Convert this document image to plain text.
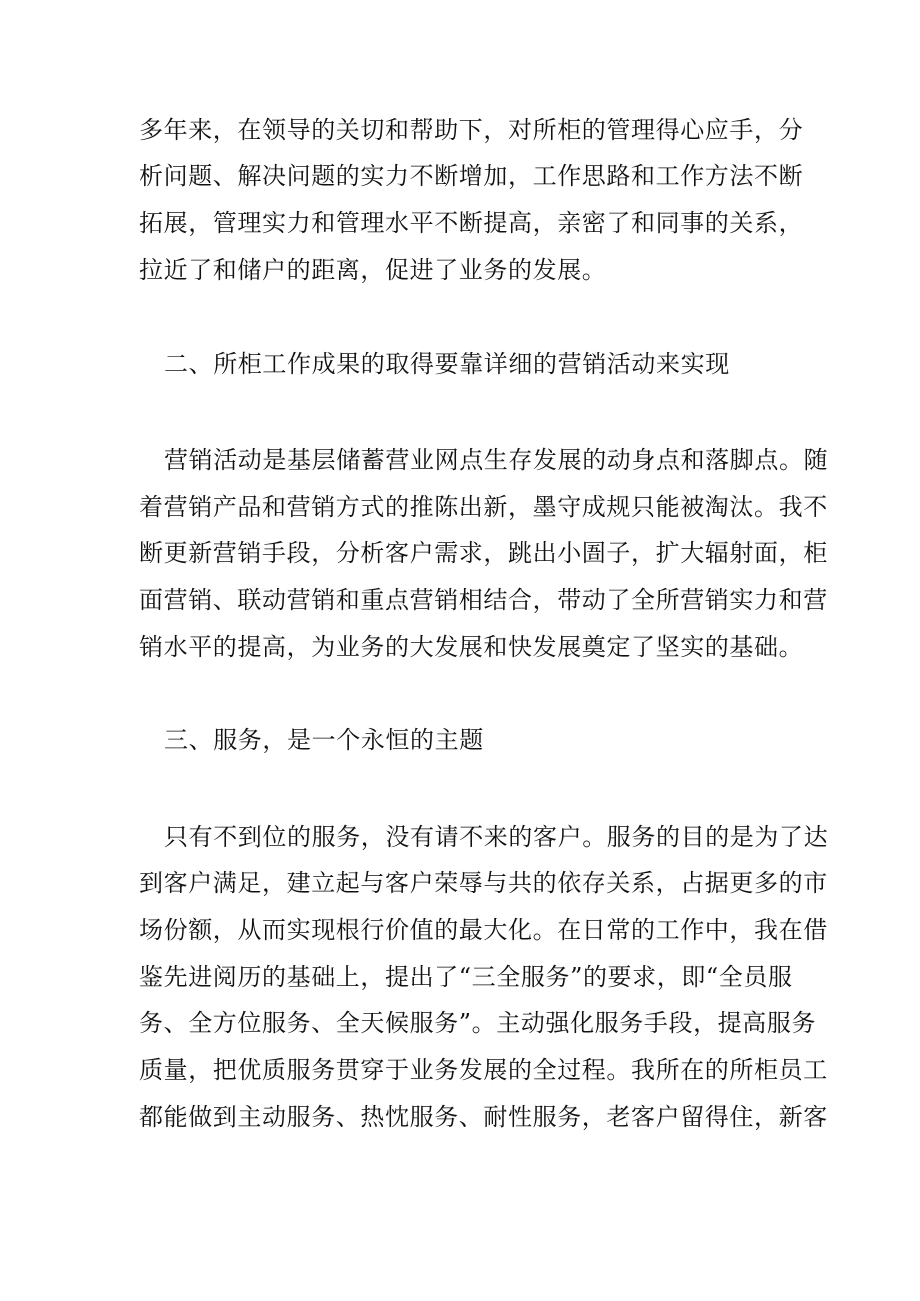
多年来，在领导的关切和帮助下，对所柜的管理得心应手，分
析问题、解决问题的实力不断增加，工作思路和工作方法不断
拓展，管理实力和管理水平不断提高，亲密了和同事的关系，
拉近了和储户的距离，促进了业务的发展。
二、所柜工作成果的取得要靠详细的营销活动来实现
营销活动是基层储蓄营业网点生存发展的动身点和落脚点。随
着营销产品和营销方式的推陈出新，墨守成规只能被淘汰。我不
断更新营销手段，分析客户需求，跳出小圄子，扩大辐射面，柜
面营销、联动营销和重点营销相结合，带动了全所营销实力和营
销水平的提高，为业务的大发展和快发展奠定了坚实的基础。
三、服务，是一个永恒的主题
只有不到位的服务，没有请不来的客户。服务的目的是为了达
到客户满足，建立起与客户荣辱与共的依存关系，占据更多的市
场份额，从而实现根行价值的最大化。在日常的工作中，我在借
鉴先进阅历的基础上，提出了“三全服务”的要求，即“全员服
务、全方位服务、全天候服务”。主动强化服务手段，提高服务
质量，把优质服务贯穿于业务发展的全过程。我所在的所柜员工
都能做到主动服务、热忱服务、耐性服务，老客户留得住，新客
